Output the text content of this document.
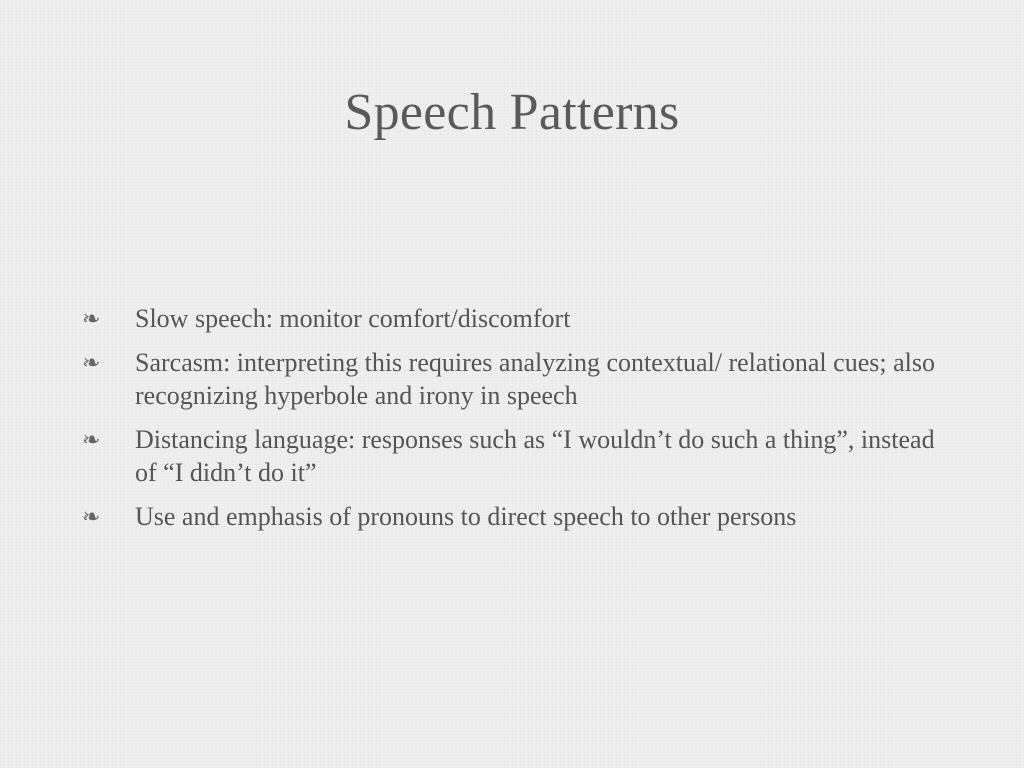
Speech Patterns
❧ Slow speech: monitor comfort/discomfort
❧ Sarcasm: interpreting this requires analyzing contextual/ relational cues; also recognizing hyperbole and irony in speech
❧ Distancing language: responses such as “I wouldn’t do such a thing”, instead of “I didn’t do it”
❧ Use and emphasis of pronouns to direct speech to other persons
